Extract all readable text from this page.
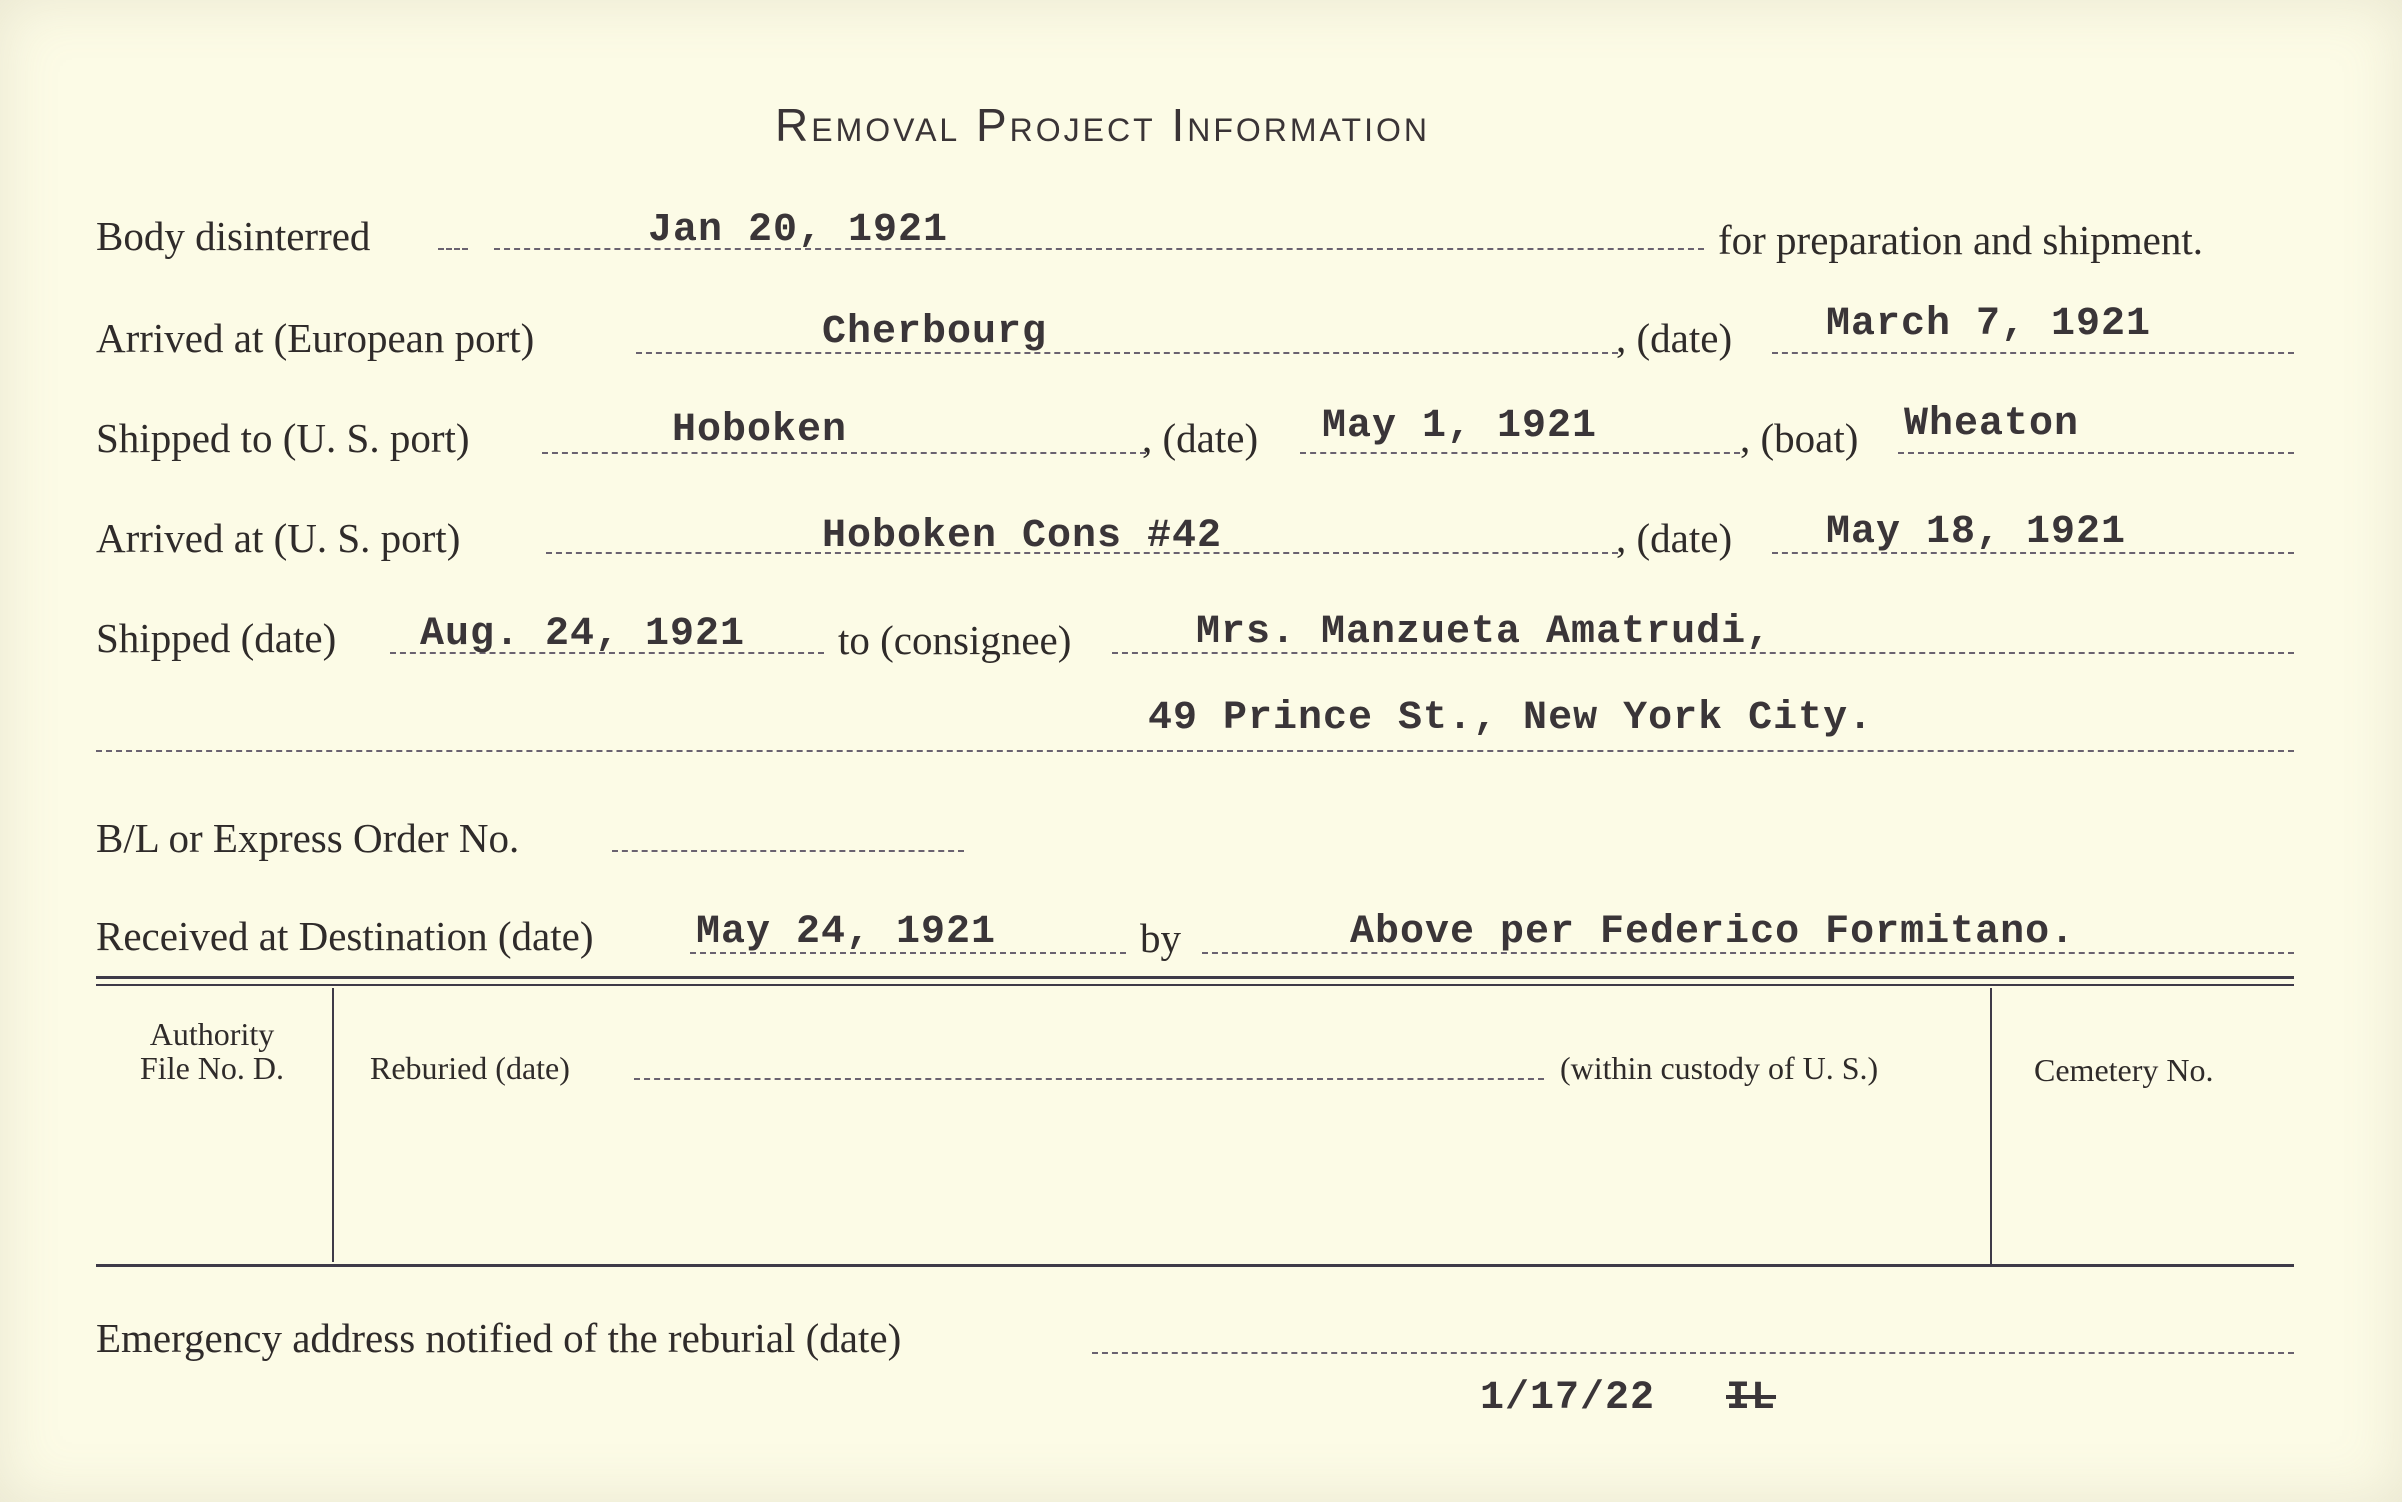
Removal Project Information
Body disinterred	Jan 20, 1921	for preparation and shipment.
Arrived at (European port)	Cherbourg	, (date) March 7, 1921
Shipped to (U. S. port)	Hoboken	, (date) May 1, 1921	, (boat) Wheaton
Arrived at (U. S. port)	Hoboken Cons #42	, (date) May 18, 1921
Shipped (date) Aug. 24, 1921 to (consignee)	Mrs. Manzueta Amatrudi,
49 Prince St., New York City.
B/L or Express Order No.
Received at Destination (date)	May 24, 1921	by	Above per Federico Formitano.
Authority
File No. D.	Reburied (date)	(within custody of U. S.)	Cemetery No.
Emergency address notified of the reburial (date)
1/17/22 IL
